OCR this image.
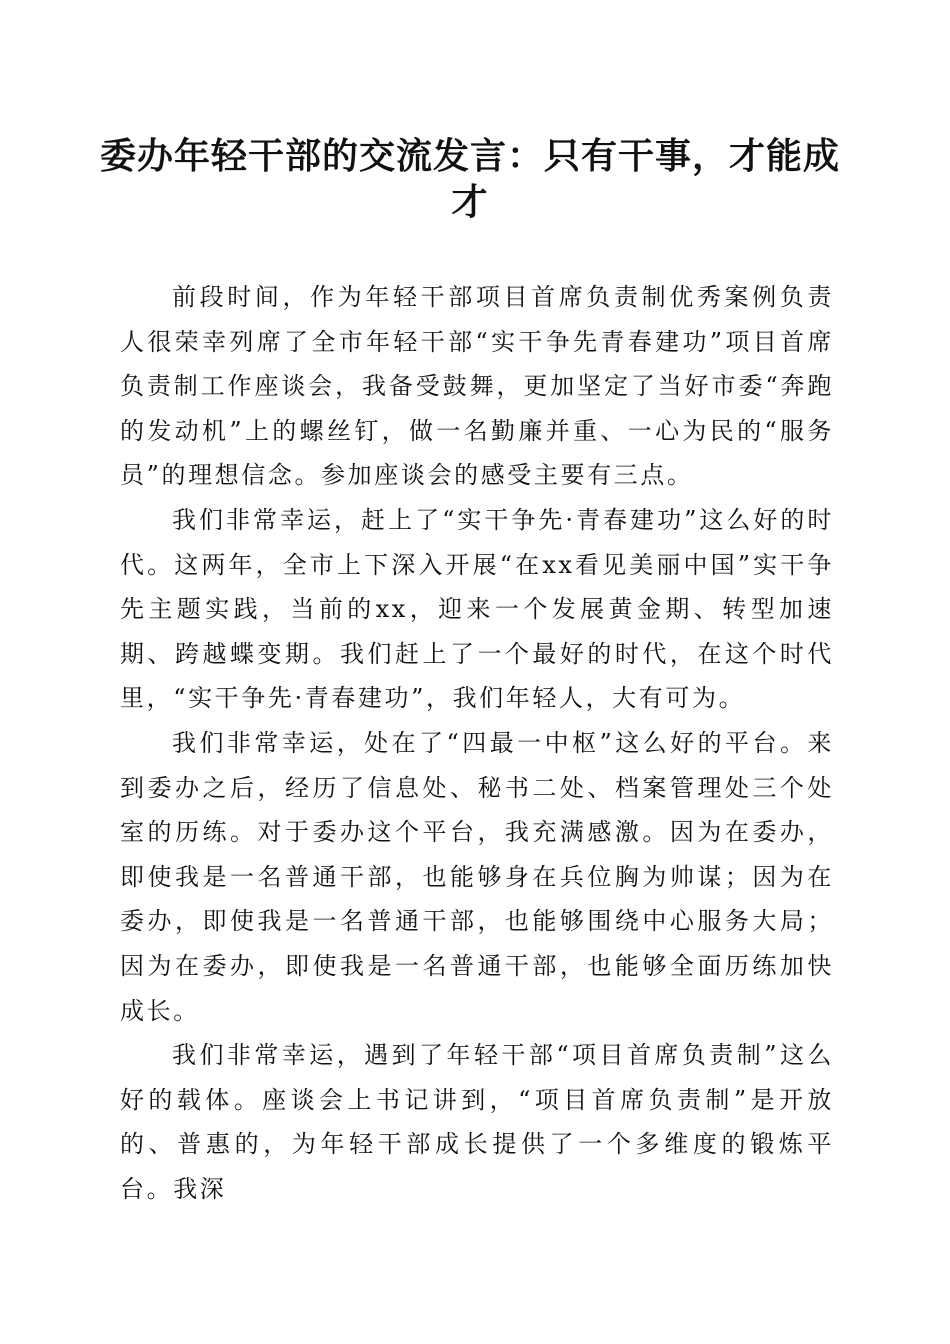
委办年轻干部的交流发言：只有干事，才能成才

前段时间，作为年轻干部项目首席负责制优秀案例负责人很荣幸列席了全市年轻干部“实干争先青春建功”项目首席负责制工作座谈会，我备受鼓舞，更加坚定了当好市委“奔跑的发动机”上的螺丝钉，做一名勤廉并重、一心为民的“服务员”的理想信念。参加座谈会的感受主要有三点。

我们非常幸运，赶上了“实干争先·青春建功”这么好的时代。这两年，全市上下深入开展“在xx看见美丽中国”实干争先主题实践，当前的xx，迎来一个发展黄金期、转型加速期、跨越蝶变期。我们赶上了一个最好的时代，在这个时代里，“实干争先·青春建功”，我们年轻人，大有可为。

我们非常幸运，处在了“四最一中枢”这么好的平台。来到委办之后，经历了信息处、秘书二处、档案管理处三个处室的历练。对于委办这个平台，我充满感激。因为在委办，即使我是一名普通干部，也能够身在兵位胸为帅谋；因为在委办，即使我是一名普通干部，也能够围绕中心服务大局；因为在委办，即使我是一名普通干部，也能够全面历练加快成长。

我们非常幸运，遇到了年轻干部“项目首席负责制”这么好的载体。座谈会上书记讲到，“项目首席负责制”是开放的、普惠的，为年轻干部成长提供了一个多维度的锻炼平台。我深
